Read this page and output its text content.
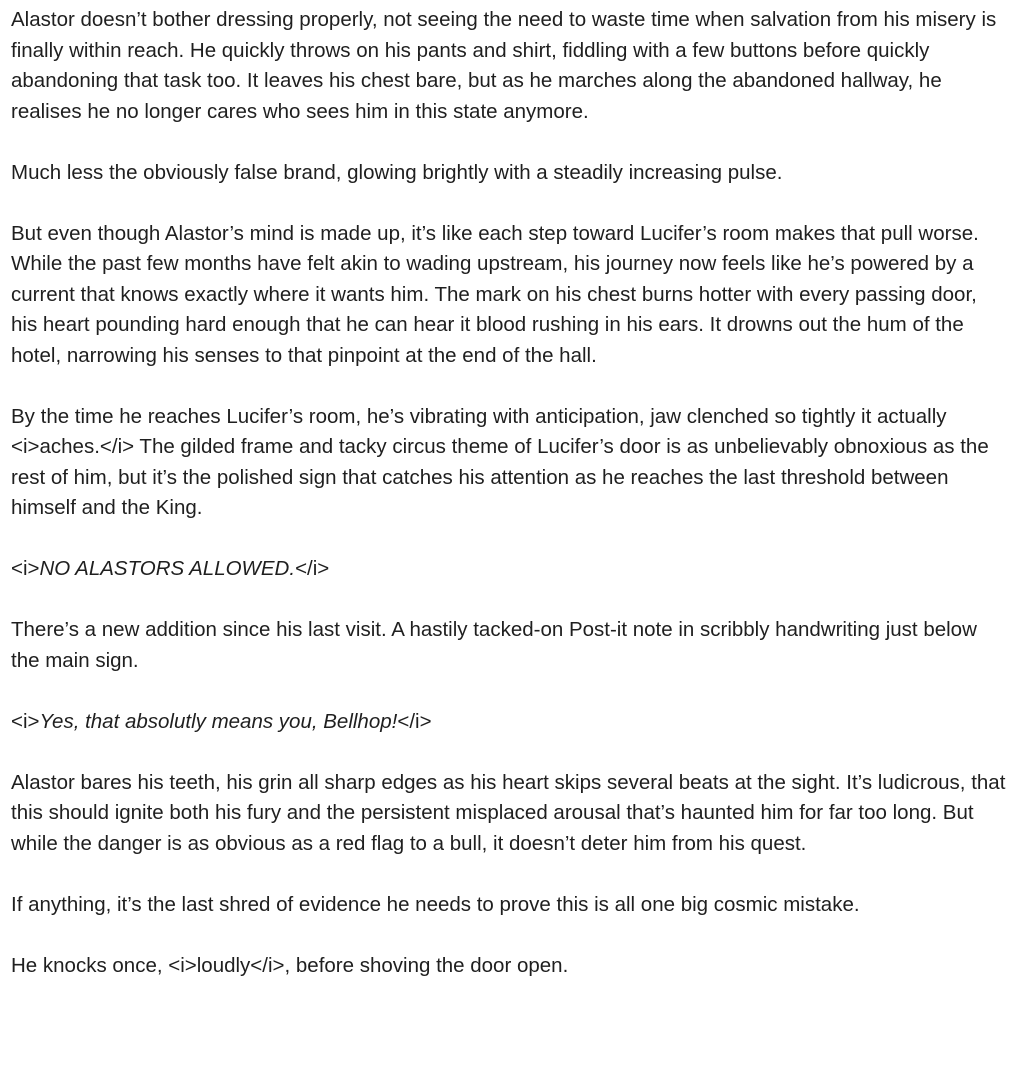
Alastor doesn’t bother dressing properly, not seeing the need to waste time when salvation from his misery is finally within reach. He quickly throws on his pants and shirt, fiddling with a few buttons before quickly abandoning that task too. It leaves his chest bare, but as he marches along the abandoned hallway, he realises he no longer cares who sees him in this state anymore.

Much less the obviously false brand, glowing brightly with a steadily increasing pulse.

But even though Alastor’s mind is made up, it’s like each step toward Lucifer’s room makes that pull worse. While the past few months have felt akin to wading upstream, his journey now feels like he’s powered by a current that knows exactly where it wants him. The mark on his chest burns hotter with every passing door, his heart pounding hard enough that he can hear it blood rushing in his ears. It drowns out the hum of the hotel, narrowing his senses to that pinpoint at the end of the hall.

By the time he reaches Lucifer’s room, he’s vibrating with anticipation, jaw clenched so tightly it actually <i>aches.</i> The gilded frame and tacky circus theme of Lucifer’s door is as unbelievably obnoxious as the rest of him, but it’s the polished sign that catches his attention as he reaches the last threshold between himself and the King.

<i>NO ALASTORS ALLOWED.</i>

There’s a new addition since his last visit. A hastily tacked-on Post-it note in scribbly handwriting just below the main sign.

<i>Yes, that absolutly means you, Bellhop!</i>

Alastor bares his teeth, his grin all sharp edges as his heart skips several beats at the sight. It’s ludicrous, that this should ignite both his fury and the persistent misplaced arousal that’s haunted him for far too long. But while the danger is as obvious as a red flag to a bull, it doesn’t deter him from his quest.

If anything, it’s the last shred of evidence he needs to prove this is all one big cosmic mistake.

He knocks once, <i>loudly</i>, before shoving the door open.
